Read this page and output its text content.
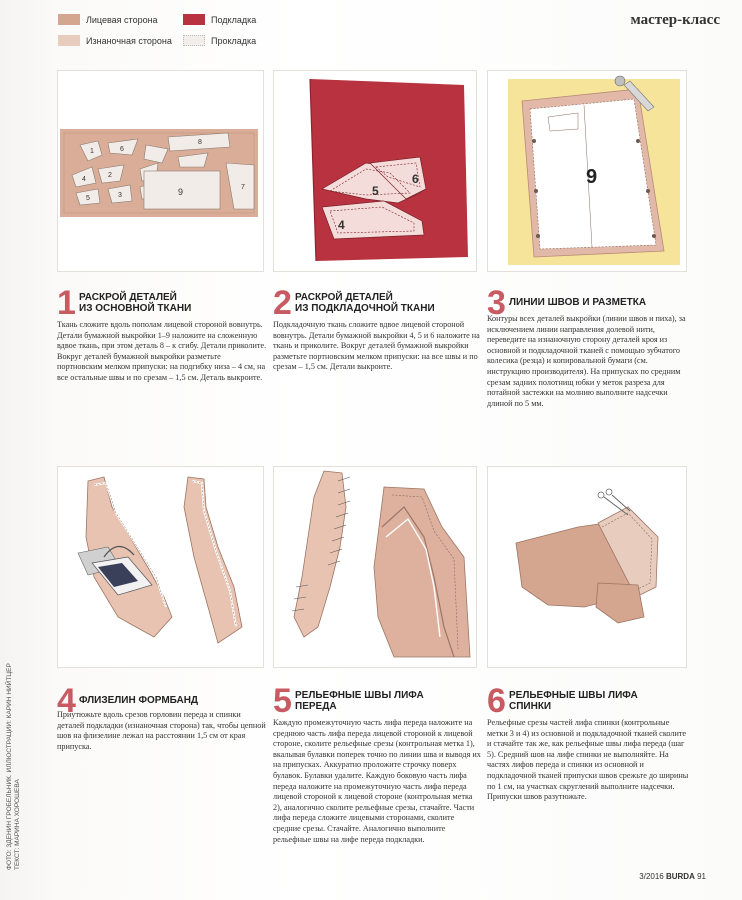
Лицевая сторона
Изнаночная сторона
Подкладка
Прокладка
мастер-класс
8
1	6
4
2
5	3	9	7	5
6
4
9
1 РАСКРОЙ ДЕТАЛЕЙ
ИЗ ОСНОВНОЙ ТКАНИ
Ткань сложите вдоль пополам лицевой стороной вовнутрь. Детали бумажной выкройки 1–9 наложите на сложенную вдвое ткань, при этом деталь 8 – к сгибу. Детали приколите. Вокруг деталей бумажной выкройки разметьте портновским мелком припуски: на подгибку низа – 4 см, на все остальные швы и по срезам – 1,5 см. Деталь выкроите.
2 РАСКРОЙ ДЕТАЛЕЙ
ИЗ ПОДКЛАДОЧНОЙ ТКАНИ
Подкладочную ткань сложите вдвое лицевой стороной вовнутрь. Детали бумажной выкройки 4, 5 и 6 наложите на ткань и приколите. Вокруг деталей бумажной выкройки разметьте портновским мелком припуски: на все швы и по срезам – 1,5 см. Детали выкроите.
3 ЛИНИИ ШВОВ И РАЗМЕТКА
Контуры всех деталей выкройки (линии швов и пиха), за исключением линии направления долевой нити, переведите на изнаночную сторону деталей кроя из основной и подкладочной тканей с помощью зубчатого колесика (резца) и копировальной бумаги (см. инструкцию производителя). На припусках по средним срезам задних полотнищ юбки у меток разреза для потайной застежки на молнию выполните надсечки длиной по 5 мм.
4 ФЛИЗЕЛИН ФОРМБАНД
Приутюжьте вдоль срезов горловин переда и спинки деталей подкладки (изнаночная сторона) так, чтобы цепной шов на флизелине лежал на расстоянии 1,5 см от края припуска.
5 РЕЛЬЕФНЫЕ ШВЫ ЛИФА
ПЕРЕДА
Каждую промежуточную часть лифа переда наложите на среднюю часть лифа переда лицевой стороной к лицевой стороне, сколите рельефные срезы (контрольная метка 1), вкалывая булавки поперек точно по линии шва и выводя их на припусках. Аккуратно проложите строчку поверх булавок. Булавки удалите. Каждую боковую часть лифа переда наложите на промежуточную часть лифа переда лицевой стороной к лицевой стороне (контрольная метка 2), аналогично сколите рельефные срезы, стачайте. Части лифа переда сложите лицевыми сторонами, сколите средние срезы. Стачайте. Аналогично выполните рельефные швы на лифе переда подкладки.
6 РЕЛЬЕФНЫЕ ШВЫ ЛИФА
СПИНКИ
Рельефные срезы частей лифа спинки (контрольные метки 3 и 4) из основной и подкладочной тканей сколите и стачайте так же, как рельефные швы лифа переда (шаг 5). Средний шов на лифе спинки не выполняйте. На частях лифов переда и спинки из основной и подкладочной тканей припуски швов срежьте до ширины по 1 см, на участках скруглений выполните надсечки. Припуски швов разутюжьте.
ФОТО: ЗДЕНИН ГРОБЕЛЬНИК. ИЛЛЮСТРАЦИИ: КАРИН НИЙТЦЕР ТЕКСТ: МАРИНА ХОРОШЕВА
3/2016 BURDA 91
